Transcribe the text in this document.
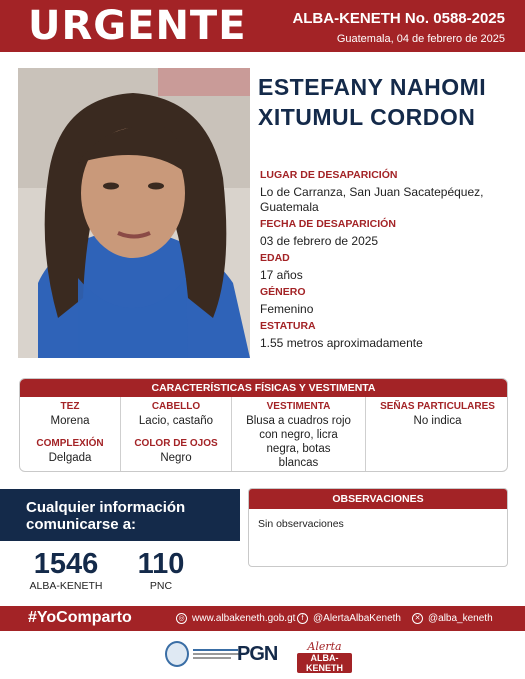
URGENTE	ALBA-KENETH No. 0588-2025
Guatemala, 04 de febrero de 2025
ESTEFANY NAHOMI
XITUMUL CORDON
LUGAR DE DESAPARICIÓN
Lo de Carranza, San Juan Sacatepéquez, Guatemala
FECHA DE DESAPARICIÓN
03 de febrero de 2025
EDAD
17 años
GÉNERO
Femenino
ESTATURA
1.55 metros aproximadamente
CARACTERÍSTICAS FÍSICAS Y VESTIMENTA
TEZ
Morena
COMPLEXIÓN
Delgada
CABELLO
Lacio, castaño
COLOR DE OJOS
Negro
VESTIMENTA
Blusa a cuadros rojo con negro, licra negra, botas blancas
SEÑAS PARTICULARES
No indica
Cualquier información
comunicarse a:
1546
ALBA-KENETH
110
PNC
OBSERVACIONES
Sin observaciones
#YoComparto	◎ www.albakeneth.gob.gt f @AlertaAlbaKeneth	✕ @alba_keneth
PGN	Alerta
ALBA-KENETH
